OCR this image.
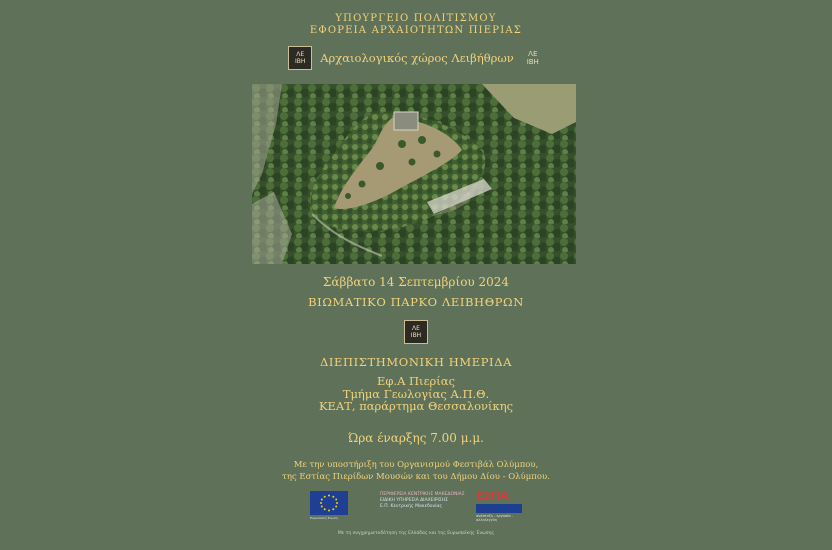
ΥΠΟΥΡΓΕΙΟ ΠΟΛΙΤΙΣΜΟΥ
ΕΦΟΡΕΙΑ ΑΡΧΑΙΟΤΗΤΩΝ ΠΙΕΡΙΑΣ
ΛΕ
ΙΒΗ Αρχαιολογικός χώρος Λειβήθρων ΛΕ
ΙΒΗ
Σάββατο 14 Σεπτεμβρίου 2024
ΒΙΩΜΑΤΙΚΟ ΠΑΡΚΟ ΛΕΙΒΗΘΡΩΝ
ΛΕ
ΙΒΗ
ΔΙΕΠΙΣΤΗΜΟΝΙΚΗ ΗΜΕΡΙΔΑ
Εφ.Α Πιερίας
Τμήμα Γεωλογίας Α.Π.Θ.
ΚΕΑΤ, παράρτημα Θεσσαλονίκης
Ώρα έναρξης 7.00 μ.μ.
Με την υποστήριξη του Οργανισμού Φεστιβάλ Ολύμπου,
της Εστίας Πιερίδων Μουσών και του Δήμου Δίου - Ολύμπου.
Ευρωπαϊκή Ένωση
ΠΕΡΙΦΕΡΕΙΑ ΚΕΝΤΡΙΚΗΣ ΜΑΚΕΔΟΝΙΑΣ
ΕΙΔΙΚΗ ΥΠΗΡΕΣΙΑ ΔΙΑΧΕΙΡΙΣΗΣ
Ε.Π. Κεντρικής Μακεδονίας
ΕΣΠΑ
ανάπτυξη - εργασία - αλληλεγγύη
Με τη συγχρηματοδότηση της Ελλάδας και της Ευρωπαϊκής Ένωσης
